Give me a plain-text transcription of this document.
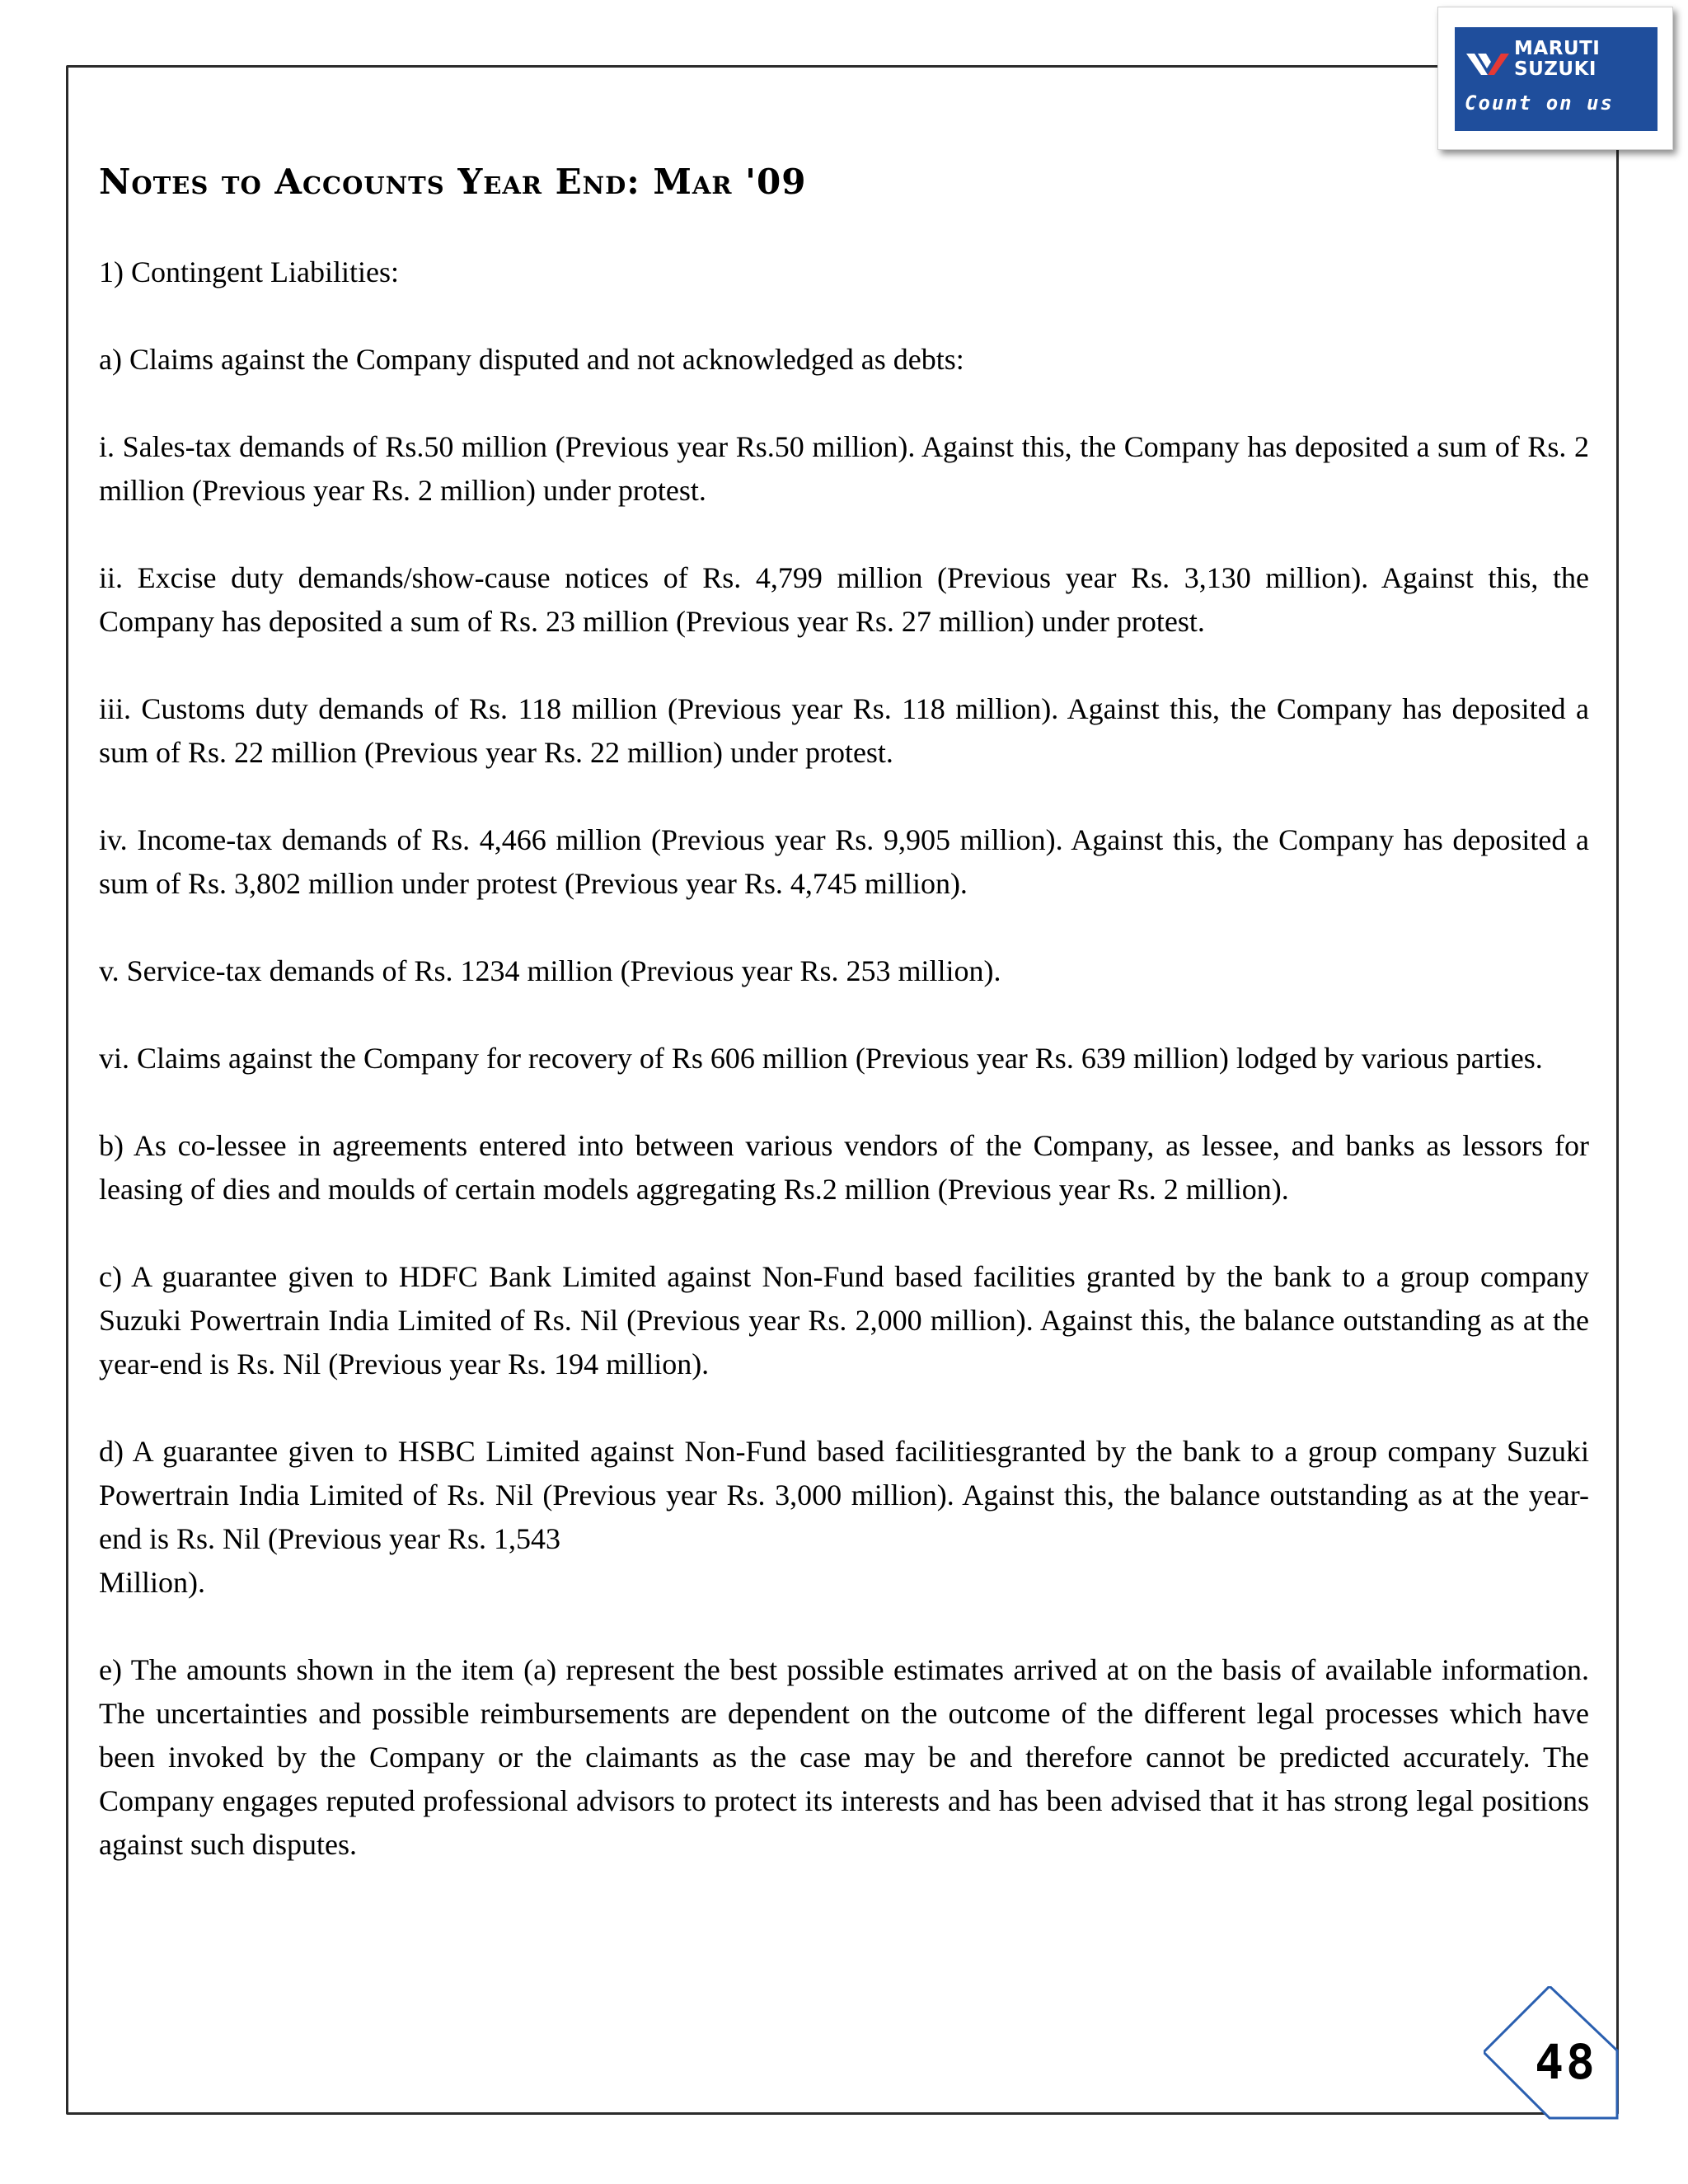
MARUTI
SUZUKI
Count on us
Notes to Accounts Year End: Mar '09

1) Contingent Liabilities:

a) Claims against the Company disputed and not acknowledged as debts:

i. Sales-tax demands of Rs.50 million (Previous year Rs.50 million). Against this, the Company has deposited a sum of Rs. 2 million (Previous year Rs. 2 million) under protest.

ii. Excise duty demands/show-cause notices of Rs. 4,799 million (Previous year Rs. 3,130 million). Against this, the Company has deposited a sum of Rs. 23 million (Previous year Rs. 27 million) under protest.

iii. Customs duty demands of Rs. 118 million (Previous year Rs. 118 million). Against this, the Company has deposited a sum of Rs. 22 million (Previous year Rs. 22 million) under protest.

iv. Income-tax demands of Rs. 4,466 million (Previous year Rs. 9,905 million). Against this, the Company has deposited a sum of Rs. 3,802 million under protest (Previous year Rs. 4,745 million).

v. Service-tax demands of Rs. 1234 million (Previous year Rs. 253 million).

vi. Claims against the Company for recovery of Rs 606 million (Previous year Rs. 639 million) lodged by various parties.

b) As co-lessee in agreements entered into between various vendors of the Company, as lessee, and banks as lessors for leasing of dies and moulds of certain models aggregating Rs.2 million (Previous year Rs. 2 million).

c) A guarantee given to HDFC Bank Limited against Non-Fund based facilities granted by the bank to a group company Suzuki Powertrain India Limited of Rs. Nil (Previous year Rs. 2,000 million). Against this, the balance outstanding as at the year-end is Rs. Nil (Previous year Rs. 194 million).

d) A guarantee given to HSBC Limited against Non-Fund based facilitiesgranted by the bank to a group company Suzuki Powertrain India Limited of Rs. Nil (Previous year Rs. 3,000 million). Against this, the balance outstanding as at the year-end is Rs. Nil (Previous year Rs. 1,543
Million).

e) The amounts shown in the item (a) represent the best possible estimates arrived at on the basis of available information. The uncertainties and possible reimbursements are dependent on the outcome of the different legal processes which have been invoked by the Company or the claimants as the case may be and therefore cannot be predicted accurately. The Company engages reputed professional advisors to protect its interests and has been advised that it has strong legal positions against such disputes.

48
